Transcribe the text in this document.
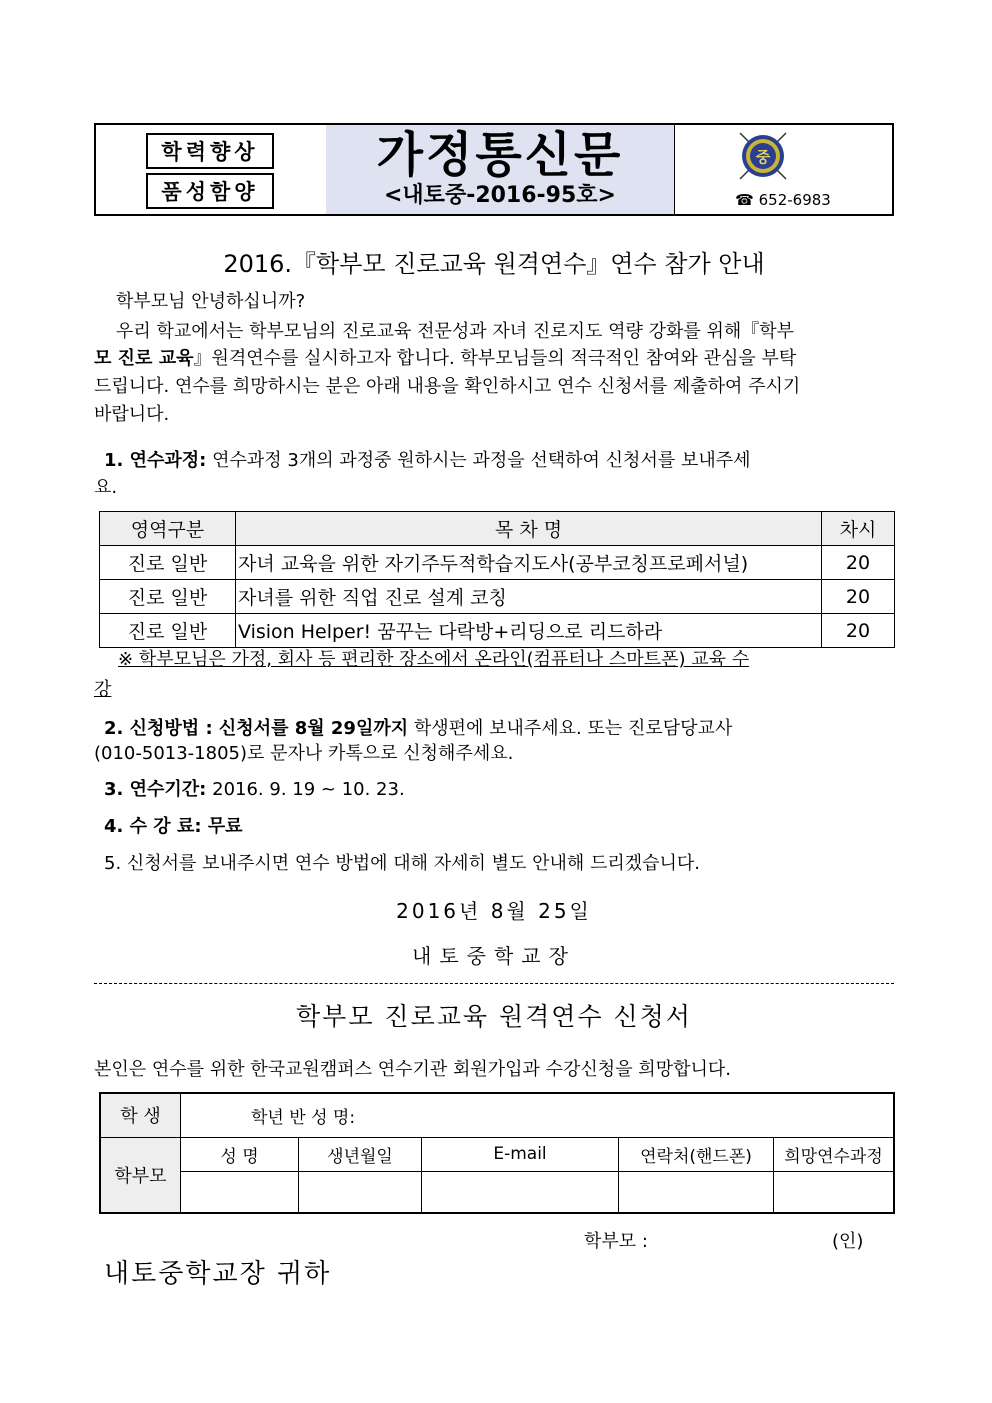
학력향상
품성함양
가정통신문
<내토중-2016-95호>
중
☎ 652-6983
2016.『학부모 진로교육 원격연수』연수 참가 안내
학부모님 안녕하십니까?
우리 학교에서는 학부모님의 진로교육 전문성과 자녀 진로지도 역량 강화를 위해『학부
모 진로 교육』원격연수를 실시하고자 합니다. 학부모님들의 적극적인 참여와 관심을 부탁
드립니다. 연수를 희망하시는 분은 아래 내용을 확인하시고 연수 신청서를 제출하여 주시기
바랍니다.
1. 연수과정: 연수과정 3개의 과정중 원하시는 과정을 선택하여 신청서를 보내주세
요.
영역구분	목 차 명	차시
진로 일반	자녀 교육을 위한 자기주두적학습지도사(공부코칭프로페서널)	20
진로 일반	자녀를 위한 직업 진로 설계 코칭	20
진로 일반	Vision Helper! 꿈꾸는 다락방+리딩으로 리드하라	20
※ 학부모님은 가정, 회사 등 편리한 장소에서 온라인(컴퓨터나 스마트폰) 교육 수
강
2. 신청방법 : 신청서를 8월 29일까지 학생편에 보내주세요. 또는 진로담당교사
(010-5013-1805)로 문자나 카톡으로 신청해주세요.
3. 연수기간: 2016. 9. 19 ~ 10. 23.
4. 수 강 료: 무료
5. 신청서를 보내주시면 연수 방법에 대해 자세히 별도 안내해 드리겠습니다.
2016년 8월 25일
내토중학교장
학부모 진로교육 원격연수 신청서
본인은 연수를 위한 한국교원캠퍼스 연수기관 회원가입과 수강신청을 희망합니다.
학 생	학년 반 성 명:				
학부모	성 명	생년월일	E-mail	연락처(핸드폰)	희망연수과정

학부모 :	(인)
내토중학교장 귀하
